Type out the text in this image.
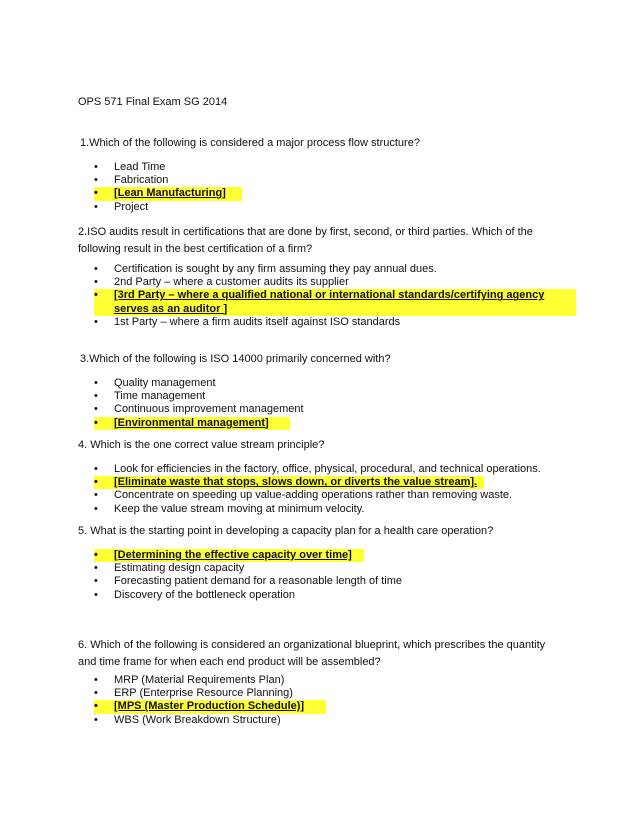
OPS 571 Final Exam SG 2014
1.Which of the following is considered a major process flow structure?
•	Lead Time
•	Fabrication
•	[Lean Manufacturing]
•	Project
2.ISO audits result in certifications that are done by first, second, or third parties. Which of the following result in the best certification of a firm?
•	Certification is sought by any firm assuming they pay annual dues.
•	2nd Party – where a customer audits its supplier
•	[3rd Party – where a qualified national or international standards/certifying agency serves as an auditor ]
•	1st Party – where a firm audits itself against ISO standards
3.Which of the following is ISO 14000 primarily concerned with?
•	Quality management
•	Time management
•	Continuous improvement management
•	[Environmental management]
4. Which is the one correct value stream principle?
•	Look for efficiencies in the factory, office, physical, procedural, and technical operations.
•	[Eliminate waste that stops, slows down, or diverts the value stream].
•	Concentrate on speeding up value-adding operations rather than removing waste.
•	Keep the value stream moving at minimum velocity.
5. What is the starting point in developing a capacity plan for a health care operation?
•	[Determining the effective capacity over time]
•	Estimating design capacity
•	Forecasting patient demand for a reasonable length of time
•	Discovery of the bottleneck operation
6. Which of the following is considered an organizational blueprint, which prescribes the quantity and time frame for when each end product will be assembled?
•	MRP (Material Requirements Plan)
•	ERP (Enterprise Resource Planning)
•	[MPS (Master Production Schedule)]
•	WBS (Work Breakdown Structure)
